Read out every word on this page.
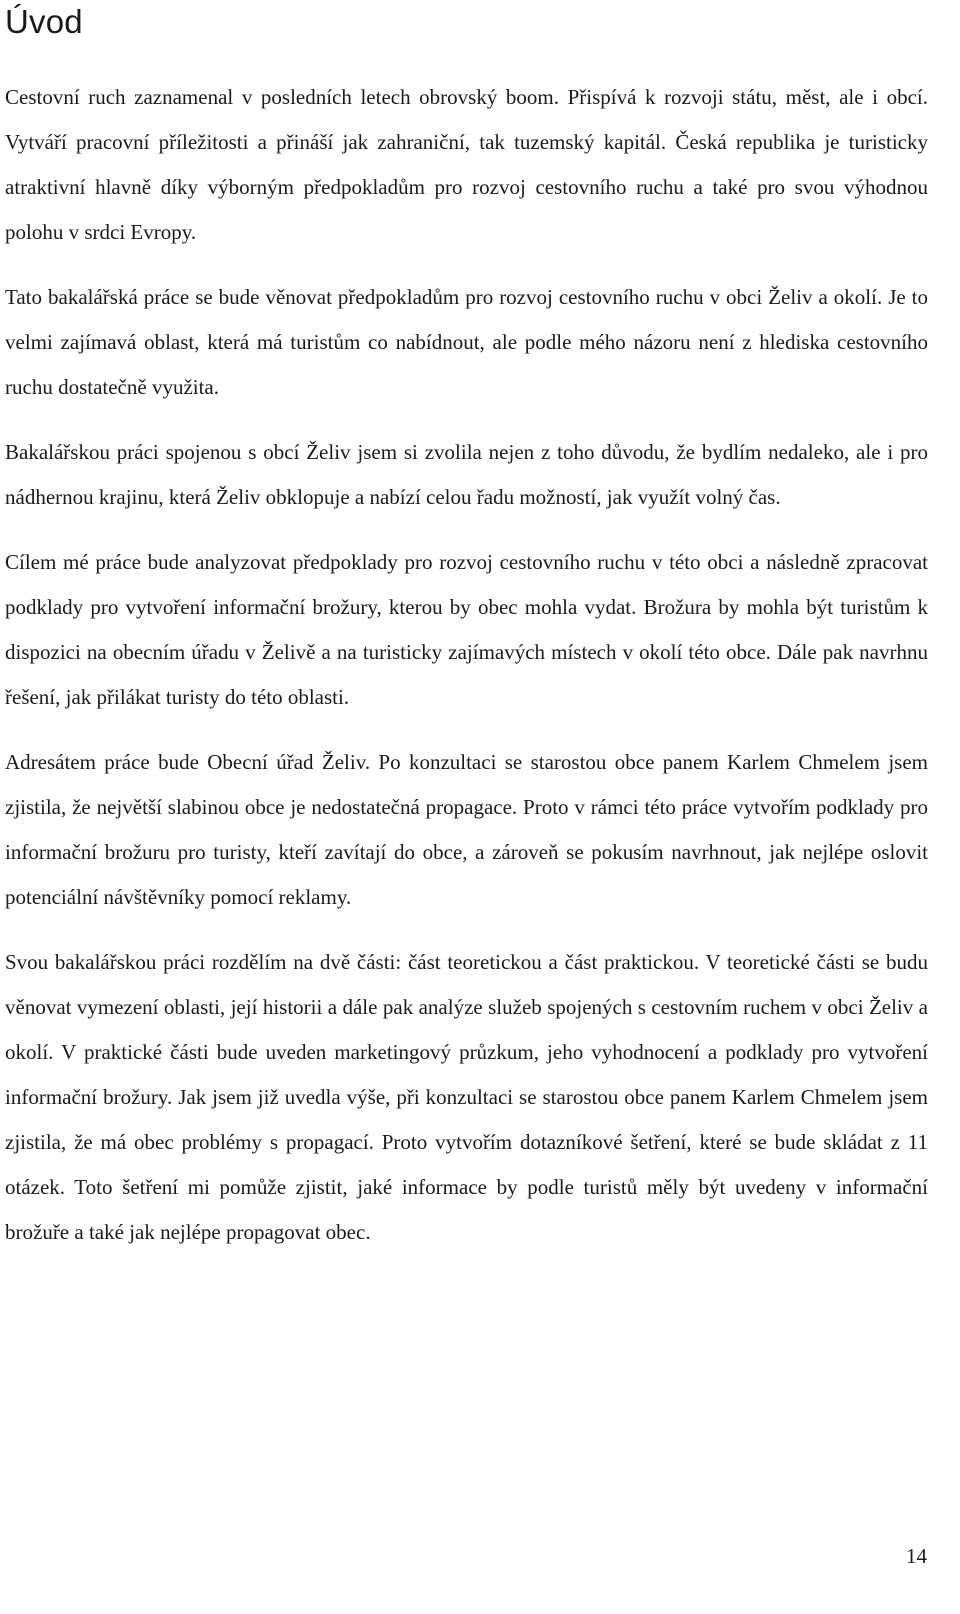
Úvod

Cestovní ruch zaznamenal v posledních letech obrovský boom. Přispívá k rozvoji státu, měst, ale i obcí. Vytváří pracovní příležitosti a přináší jak zahraniční, tak tuzemský kapitál. Česká republika je turisticky atraktivní hlavně díky výborným předpokladům pro rozvoj cestovního ruchu a také pro svou výhodnou polohu v srdci Evropy.

Tato bakalářská práce se bude věnovat předpokladům pro rozvoj cestovního ruchu v obci Želiv a okolí. Je to velmi zajímavá oblast, která má turistům co nabídnout, ale podle mého názoru není z hlediska cestovního ruchu dostatečně využita.

Bakalářskou práci spojenou s obcí Želiv jsem si zvolila nejen z toho důvodu, že bydlím nedaleko, ale i pro nádhernou krajinu, která Želiv obklopuje a nabízí celou řadu možností, jak využít volný čas.

Cílem mé práce bude analyzovat předpoklady pro rozvoj cestovního ruchu v této obci a následně zpracovat podklady pro vytvoření informační brožury, kterou by obec mohla vydat. Brožura by mohla být turistům k dispozici na obecním úřadu v Želivě a na turisticky zajímavých místech v okolí této obce. Dále pak navrhnu řešení, jak přilákat turisty do této oblasti.

Adresátem práce bude Obecní úřad Želiv. Po konzultaci se starostou obce panem Karlem Chmelem jsem zjistila, že největší slabinou obce je nedostatečná propagace. Proto v rámci této práce vytvořím podklady pro informační brožuru pro turisty, kteří zavítají do obce, a zároveň se pokusím navrhnout, jak nejlépe oslovit potenciální návštěvníky pomocí reklamy.

Svou bakalářskou práci rozdělím na dvě části: část teoretickou a část praktickou. V teoretické části se budu věnovat vymezení oblasti, její historii a dále pak analýze služeb spojených s cestovním ruchem v obci Želiv a okolí. V praktické části bude uveden marketingový průzkum, jeho vyhodnocení a podklady pro vytvoření informační brožury. Jak jsem již uvedla výše, při konzultaci se starostou obce panem Karlem Chmelem jsem zjistila, že má obec problémy s propagací. Proto vytvořím dotazníkové šetření, které se bude skládat z 11 otázek. Toto šetření mi pomůže zjistit, jaké informace by podle turistů měly být uvedeny v informační brožuře a také jak nejlépe propagovat obec.

14
